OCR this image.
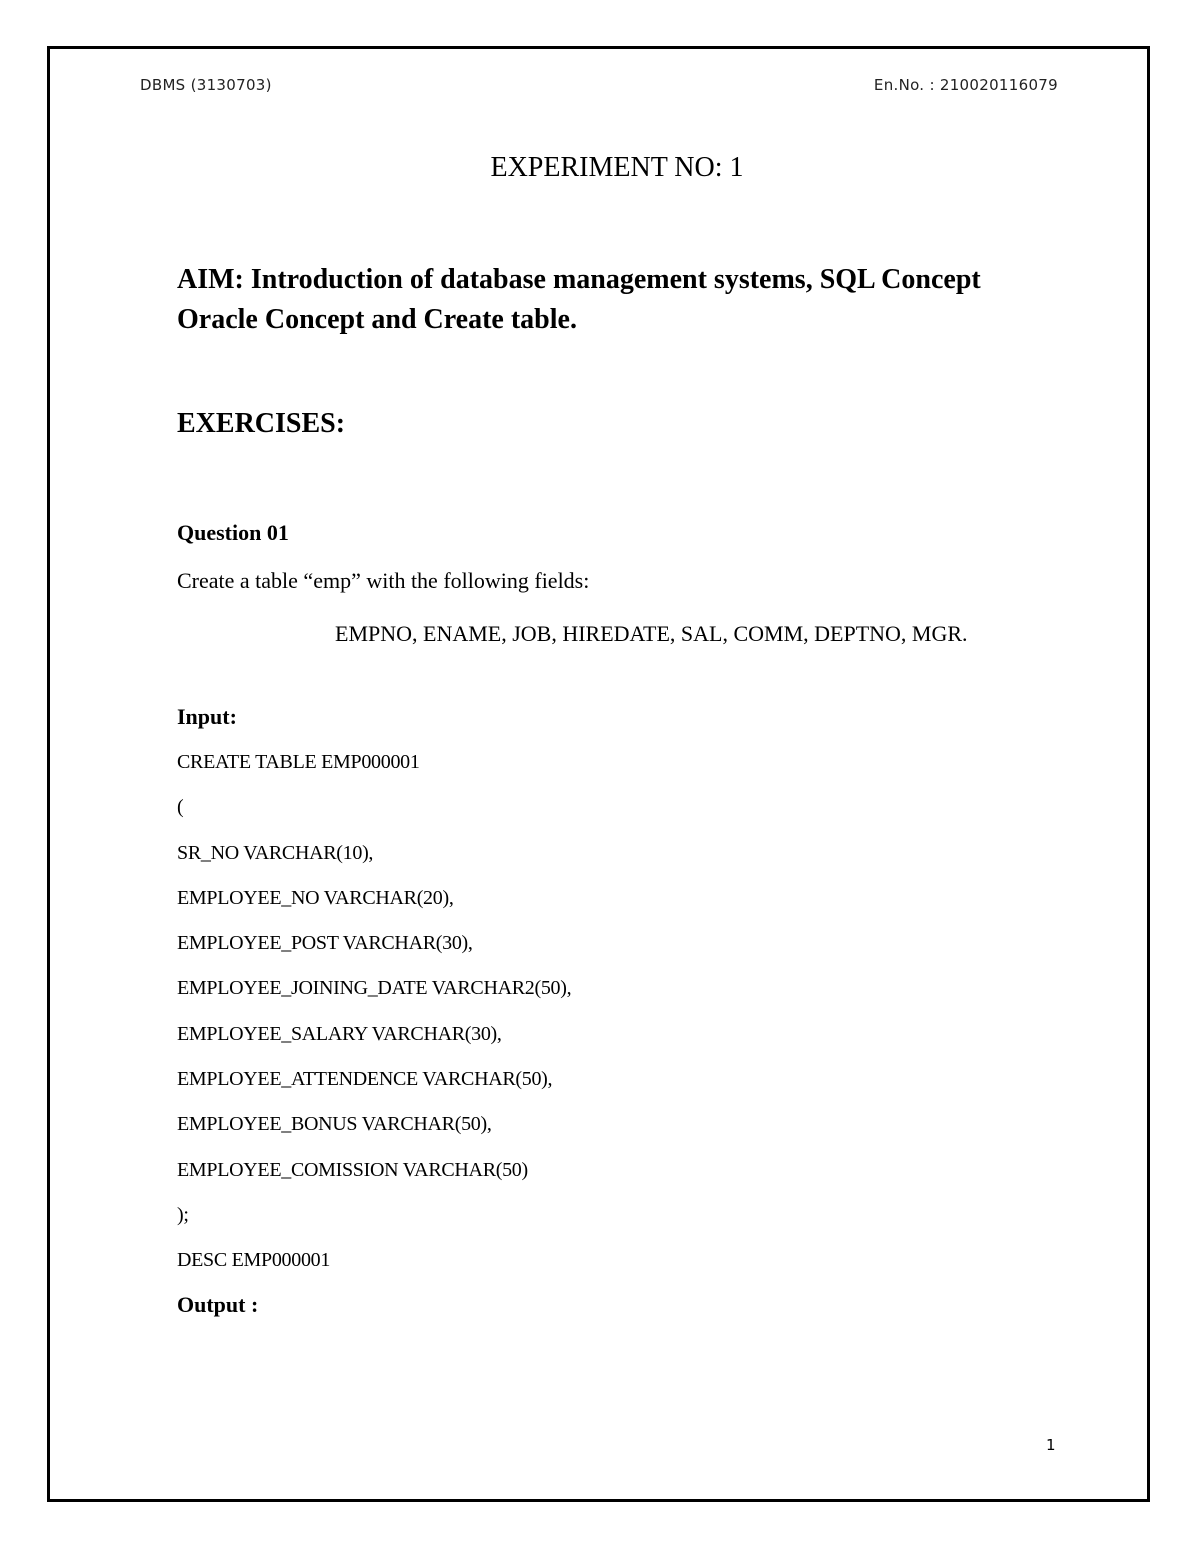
DBMS (3130703)	En.No. : 210020116079
EXPERIMENT NO: 1
AIM: Introduction of database management systems, SQL Concept Oracle Concept and Create table.
EXERCISES:
Question 01
Create a table “emp” with the following fields:
EMPNO, ENAME, JOB, HIREDATE, SAL, COMM, DEPTNO, MGR.
Input:
CREATE TABLE EMP000001
(
SR_NO VARCHAR(10),
EMPLOYEE_NO VARCHAR(20),
EMPLOYEE_POST VARCHAR(30),
EMPLOYEE_JOINING_DATE VARCHAR2(50),
EMPLOYEE_SALARY VARCHAR(30),
EMPLOYEE_ATTENDENCE VARCHAR(50),
EMPLOYEE_BONUS VARCHAR(50),
EMPLOYEE_COMISSION VARCHAR(50)
);
DESC EMP000001
Output :
1
